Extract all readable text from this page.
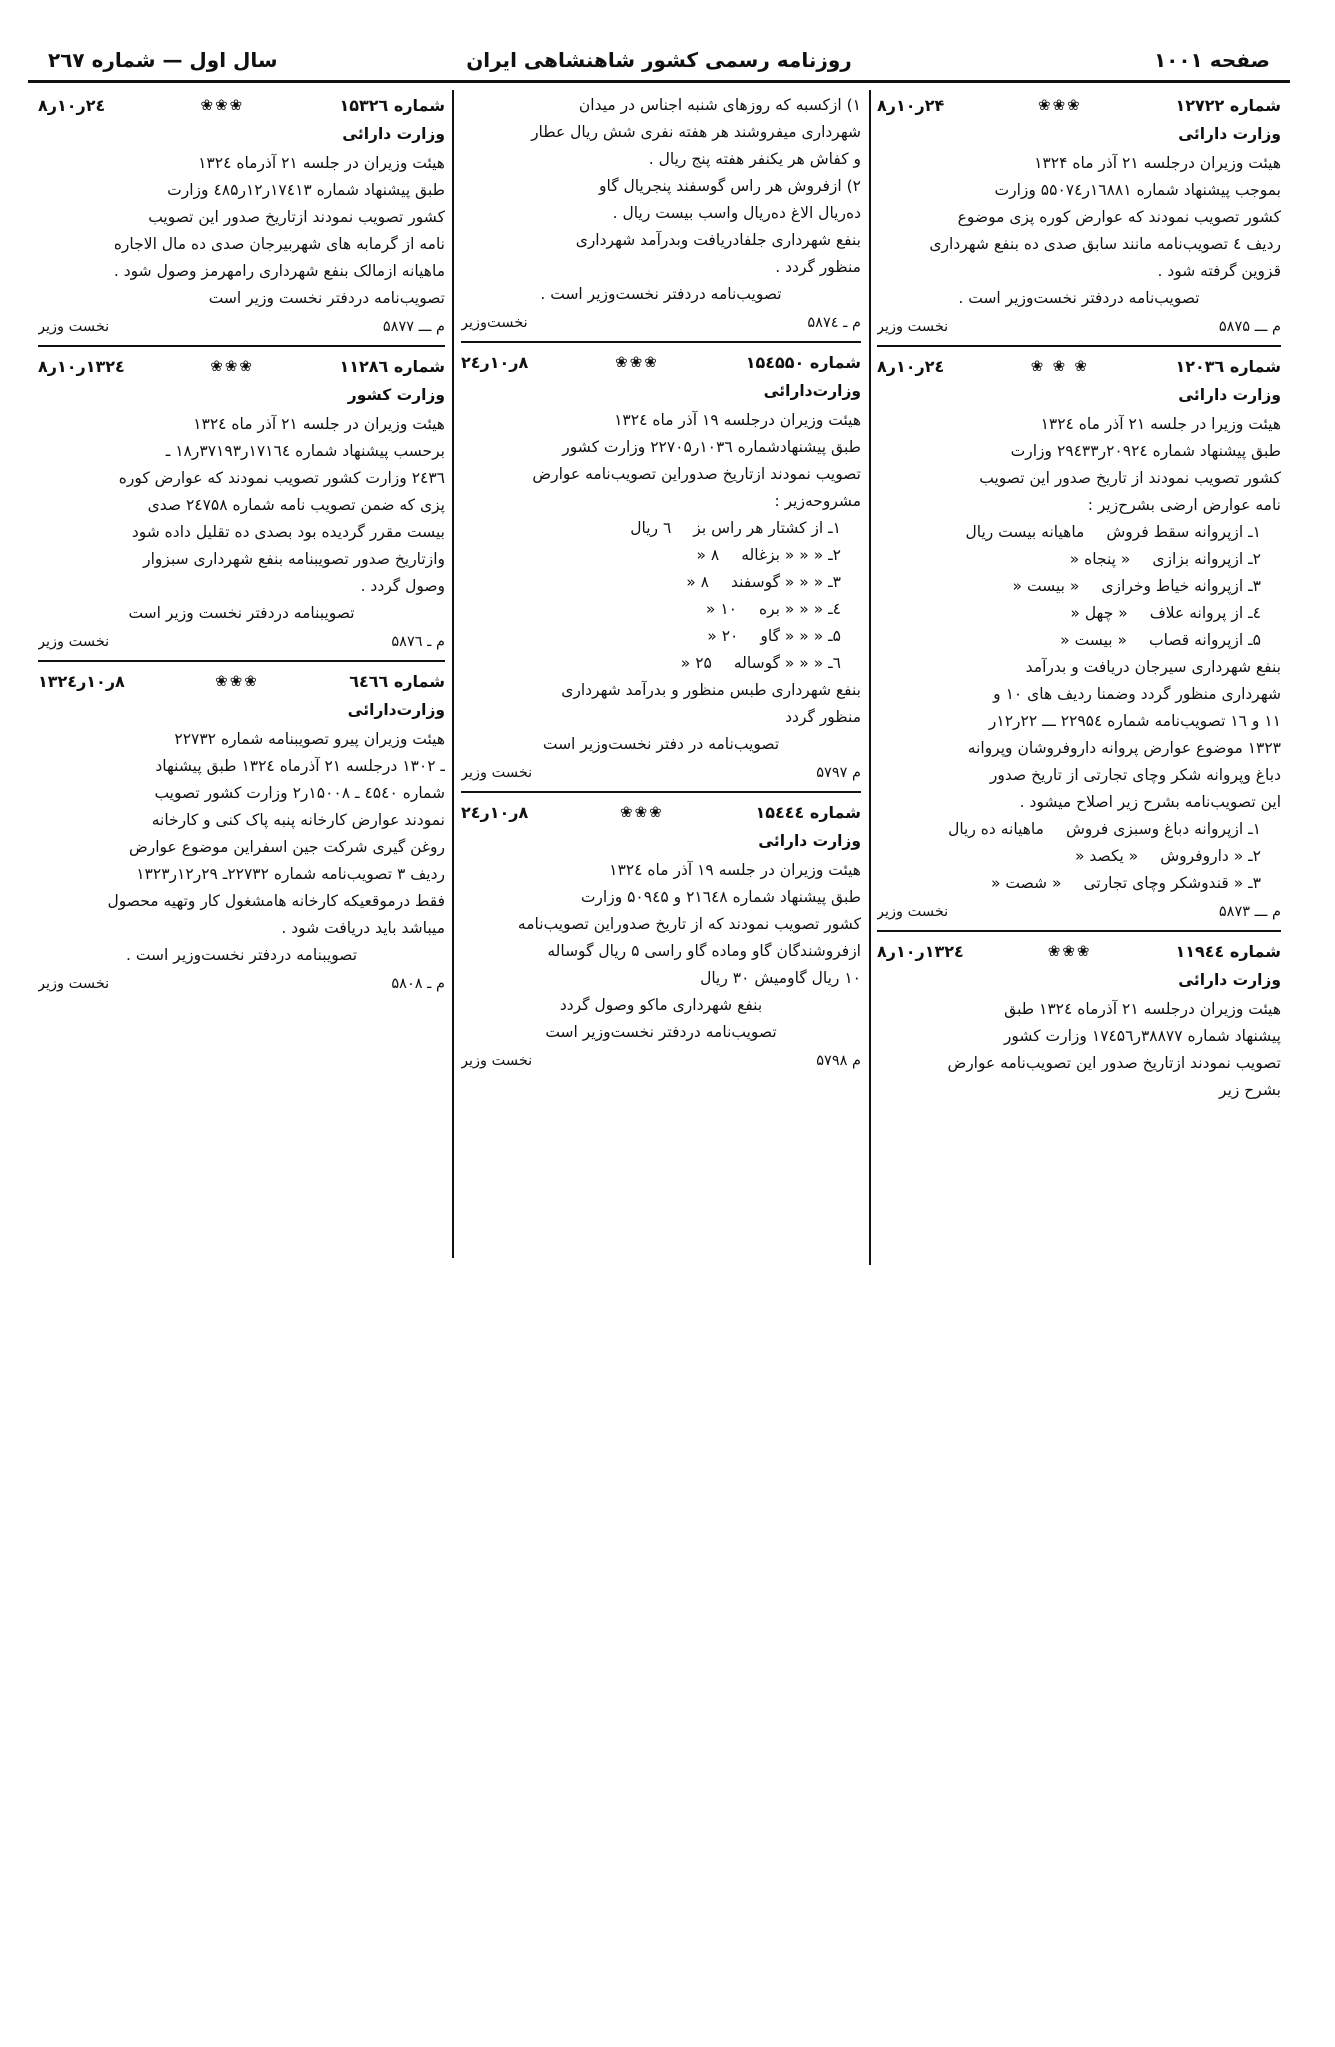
صفحه ۱۰۰۱
روزنامه رسمی کشور شاهنشاهی ایران
سال اول — شماره ۲٦۷
شماره ۱۲۷۲۲
❀❀❀
۲۴ر۱۰ر۸
وزارت دارائی

هیئت وزیران درجلسه ۲۱ آذر ماه ۱۳۲۴
بموجب پیشنهاد شماره ۱٦۸۸۱ر۵۵۰۷٤ وزارت
کشور تصویب نمودند که عوارض کوره پزی موضوع
ردیف ٤ تصویب‌نامه مانند سابق صدی ده بنفع شهرداری
قزوین گرفته شود .

تصویب‌نامه دردفتر نخست‌وزیر است .
م ـــ ۵۸۷۵
نخست وزیر
شماره ۱۲۰۳٦
❀ ❀ ❀
۲٤ر۱۰ر۸
وزارت دارائی

هیئت وزیرا در جلسه ۲۱ آذر ماه ۱۳۲٤
طبق پیشنهاد شماره ۲۰۹۲٤ر۲۹٤۳۳ وزارت
کشور تصویب نمودند از تاریخ صدور این تصویب
نامه عوارض ارضی بشرح‌زیر :

۱ـ ازپروانه سقط فروش
ماهیانه بیست ریال
۲ـ ازپروانه بزازی
« پنجاه «
۳ـ ازپروانه خیاط وخرازی
« بیست «
٤ـ از پروانه علاف
« چهل «
۵ـ ازپروانه قصاب
« بیست «

بنفع شهرداری سیرجان دریافت و بدرآمد
شهرداری منظور گردد وضمنا ردیف های ۱۰ و
۱۱ و ۱٦ تصویب‌نامه شماره ۲۲۹۵٤ ـــ ۲۲ر۱۲ر
۱۳۲۳ موضوع عوارض پروانه داروفروشان وپروانه
دباغ وپروانه شکر وچای تجارتی از تاریخ صدور
این تصویب‌نامه بشرح زیر اصلاح میشود .

۱ـ ازپروانه دباغ وسبزی فروش
ماهیانه ده ریال
۲ـ « داروفروش
« یکصد «
۳ـ « قندوشکر وچای تجارتی
« شصت «
م ـــ ۵۸۷۳
نخست وزیر
شماره ۱۱۹٤٤
❀❀❀
۱۳۲٤ر۱۰ر۸
وزارت دارائی

هیئت وزیران درجلسه ۲۱ آذرماه ۱۳۲٤ طبق
پیشنهاد شماره ۳۸۸۷۷ر۱۷٤۵٦ وزارت کشور
تصویب نمودند ازتاریخ صدور این تصویب‌نامه عوارض
بشرح زیر

۱) ازکسبه که روزهای شنبه اجناس در میدان
شهرداری میفروشند هر هفته نفری شش ریال عطار
و کفاش هر یکنفر هفته پنج ریال .
۲) ازفروش هر راس گوسفند پنجریال گاو
ده‌ریال الاغ ده‌ریال واسب بیست ریال .
بنفع شهرداری جلفادریافت وبدرآمد شهرداری
منظور گردد .

تصویب‌نامه دردفتر نخست‌وزیر است .
م ـ ۵۸۷٤
نخست‌وزیر
شماره ۱۵٤۵۵۰
❀❀❀
۸ر۱۰ر۲٤
وزارت‌دارائی

هیئت وزیران درجلسه ۱۹ آذر ماه ۱۳۲٤
طبق پیشنهادشماره ۱۰۳٦ر۲۲۷۰۵ وزارت کشور
تصویب نمودند ازتاریخ صدوراین تصویب‌نامه عوارض
مشروحه‌زیر :

۱ـ از کشتار هر راس بز
٦ ریال
۲ـ « « « بزغاله
۸ «
۳ـ « « « گوسفند
۸ «
٤ـ « « « بره
۱۰ «
۵ـ « « « گاو
۲۰ «
٦ـ « « « گوساله
۲۵ «

بنفع شهرداری طبس منظور و بدرآمد شهرداری
منظور گردد

تصویب‌نامه در دفتر نخست‌وزیر است
م ۵۷۹۷
نخست وزیر
شماره ۱۵٤٤٤
❀❀❀
۸ر۱۰ر۲٤
وزارت دارائی

هیئت وزیران در جلسه ۱۹ آذر ماه ۱۳۲٤
طبق پیشنهاد شماره ۲۱٦٤۸ و ۵۰۹٤۵ وزارت
کشور تصویب نمودند که از تاریخ صدوراین تصویب‌نامه
ازفروشندگان گاو وماده گاو راسی ۵ ریال گوساله
۱۰ ریال گاومیش ۳۰ ریال

بنفع شهرداری ماکو وصول گردد
تصویب‌نامه دردفتر نخست‌وزیر است
م ۵۷۹۸
نخست وزیر
شماره ۱۵۳۲٦
❀❀❀
۲٤ر۱۰ر۸
وزارت دارائی

هیئت وزیران در جلسه ۲۱ آذرماه ۱۳۲٤
طبق پیشنهاد شماره ۱۷٤۱۳ر۱۲ر٤۸۵ وزارت
کشور تصویب نمودند ازتاریخ صدور این تصویب
نامه از گرمابه های شهربیرجان صدی ده مال الاجاره
ماهیانه ازمالک بنفع شهرداری رامهرمز وصول شود .
تصویب‌نامه دردفتر نخست وزیر است

م ـــ ۵۸۷۷
نخست وزیر
شماره ۱۱۲۸٦
❀❀❀
۱۳۲٤ر۱۰ر۸
وزارت کشور

هیئت وزیران در جلسه ۲۱ آذر ماه ۱۳۲٤
برحسب پیشنهاد شماره ۱۷۱٦٤ر۳۷۱۹۳ر۱۸ ـ
۲٤۳٦ وزارت کشور تصویب نمودند که عوارض کوره
پزی که ضمن تصویب نامه شماره ۲٤۷۵۸ صدی
بیست مقرر گردیده بود بصدی ده تقلیل داده شود
وازتاریخ صدور تصویبنامه بنفع شهرداری سبزوار
وصول گردد .

تصویبنامه دردفتر نخست وزیر است
م ـ ۵۸۷٦
نخست وزیر
شماره ٦٤٦٦
❀❀❀
۸ر۱۰ر۱۳۲٤
وزارت‌دارائی

هیئت وزیران پیرو تصویبنامه شماره ۲۲۷۳۲
ـ ۱۳۰۲ درجلسه ۲۱ آذرماه ۱۳۲٤ طبق پیشنهاد
شماره ٤۵٤۰ ـ ۱۵۰۰۸ر۲ وزارت کشور تصویب
نمودند عوارض کارخانه پنبه پاک کنی و کارخانه
روغن گیری شرکت جین اسفراین موضوع عوارض
ردیف ۳ تصویب‌نامه شماره ۲۲۷۳۲ـ ۲۹ر۱۲ر۱۳۲۳
فقط درموقعیکه کارخانه هامشغول کار وتهیه محصول
میباشد باید دریافت شود .

تصویبنامه دردفتر نخست‌وزیر است .
م ـ ۵۸۰۸
نخست وزیر
